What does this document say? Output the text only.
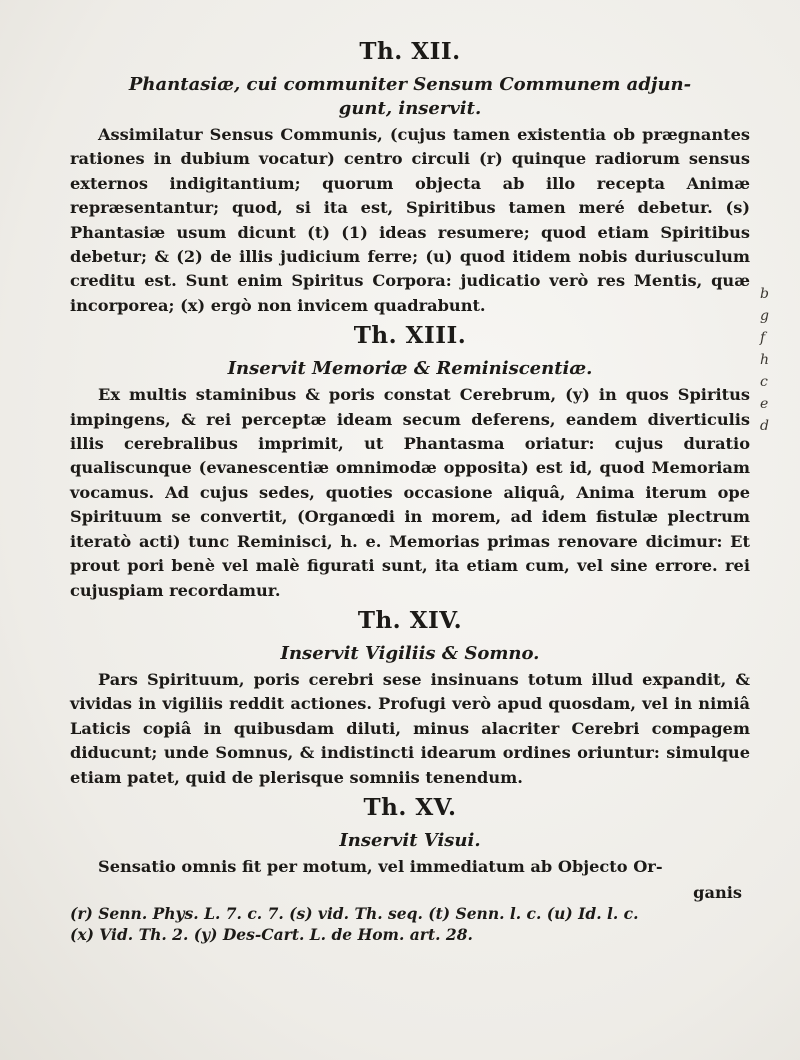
Th. XII.
Phantasiæ, cui communiter Sensum Communem adjun-
gunt, inservit.

Assimilatur Sensus Communis, (cujus tamen existentia ob prægnantes rationes in dubium vocatur) centro circuli (r) quinque radiorum sensus externos indigitantium; quorum objecta ab illo recepta Animæ repræsentantur; quod, si ita est, Spiritibus tamen meré debetur. (s) Phantasiæ usum dicunt (t) (1) ideas resumere; quod etiam Spiritibus debetur; & (2) de illis judicium ferre; (u) quod itidem nobis duriusculum creditu est. Sunt enim Spiritus Corpora: judicatio verò res Mentis, quæ incorporea; (x) ergò non invicem quadrabunt.

Th. XIII.
Inservit Memoriæ & Reminiscentiæ.

Ex multis staminibus & poris constat Cerebrum, (y) in quos Spiritus impingens, & rei perceptæ ideam secum deferens, eandem diverticulis illis cerebralibus imprimit, ut Phantasma oriatur: cujus duratio qualiscunque (evanescentiæ omnimodæ opposita) est id, quod Memoriam vocamus. Ad cujus sedes, quoties occasione aliquâ, Anima iterum ope Spirituum se convertit, (Organœdi in morem, ad idem fistulæ plectrum iteratò acti) tunc Reminisci, h. e. Memorias primas renovare dicimur: Et prout pori benè vel malè figurati sunt, ita etiam cum, vel sine errore. rei cujuspiam recordamur.

Th. XIV.
Inservit Vigiliis & Somno.

Pars Spirituum, poris cerebri sese insinuans totum illud expandit, & vividas in vigiliis reddit actiones. Profugi verò apud quosdam, vel in nimiâ Laticis copiâ in quibusdam diluti, minus alacriter Cerebri compagem diducunt; unde Somnus, & indistincti idearum ordines oriuntur: simulque etiam patet, quid de plerisque somniis tenendum.

Th. XV.
Inservit Visui.

Sensatio omnis fit per motum, vel immediatum ab Objecto Or-

ganis
(r) Senn. Phys. L. 7. c. 7. (s) vid. Th. seq. (t) Senn. l. c. (u) Id. l. c.
(x) Vid. Th. 2. (y) Des-Cart. L. de Hom. art. 28.
b
g
f
h
c
e
d
